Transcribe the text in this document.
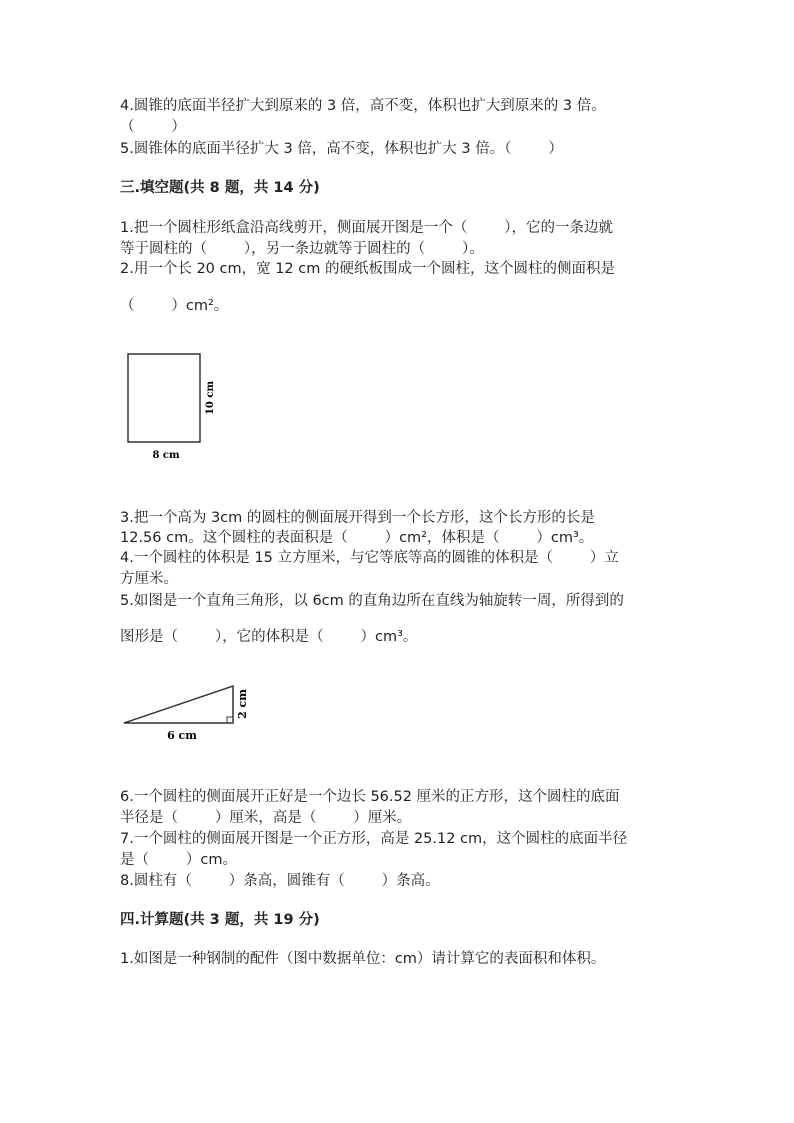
4.圆锥的底面半径扩大到原来的 3 倍，高不变，体积也扩大到原来的 3 倍。
（        ）
5.圆锥体的底面半径扩大 3 倍，高不变，体积也扩大 3 倍。（        ）
三.填空题(共 8 题，共 14 分)
1.把一个圆柱形纸盒沿高线剪开，侧面展开图是一个（        ），它的一条边就
等于圆柱的（        ），另一条边就等于圆柱的（        ）。
2.用一个长 20 cm，宽 12 cm 的硬纸板围成一个圆柱，这个圆柱的侧面积是
（        ）cm²。
10 cm
8 cm
3.把一个高为 3cm 的圆柱的侧面展开得到一个长方形，这个长方形的长是
12.56 cm。这个圆柱的表面积是（        ）cm²，体积是（        ）cm³。
4.一个圆柱的体积是 15 立方厘米，与它等底等高的圆锥的体积是（        ）立
方厘米。
5.如图是一个直角三角形，以 6cm 的直角边所在直线为轴旋转一周，所得到的
图形是（        ），它的体积是（        ）cm³。
2 cm
6 cm
6.一个圆柱的侧面展开正好是一个边长 56.52 厘米的正方形，这个圆柱的底面
半径是（        ）厘米，高是（        ）厘米。
7.一个圆柱的侧面展开图是一个正方形，高是 25.12 cm，这个圆柱的底面半径
是（        ）cm。
8.圆柱有（        ）条高，圆锥有（        ）条高。
四.计算题(共 3 题，共 19 分)
1.如图是一种钢制的配件（图中数据单位：cm）请计算它的表面积和体积。
